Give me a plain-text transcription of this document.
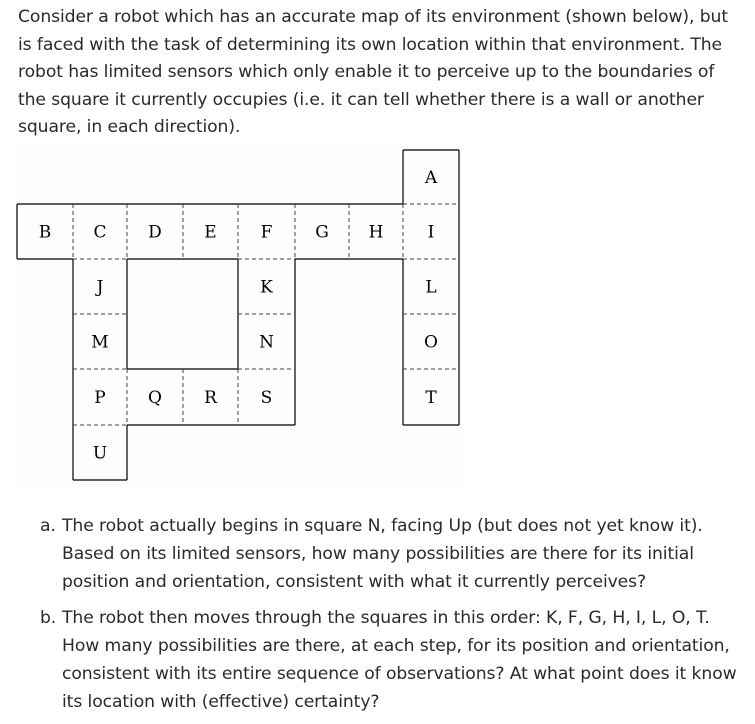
Consider a robot which has an accurate map of its environment (shown below), but is faced with the task of determining its own location within that environment. The robot has limited sensors which only enable it to perceive up to the boundaries of the square it currently occupies (i.e. it can tell whether there is a wall or another square, in each direction).

A
B C D E	F	G H	I
J	K	L
M	N	O
P Q R	S	T
U
a. The robot actually begins in square N, facing Up (but does not yet know it). Based on its limited sensors, how many possibilities are there for its initial position and orientation, consistent with what it currently perceives?
b. The robot then moves through the squares in this order: K, F, G, H, I, L, O, T. How many possibilities are there, at each step, for its position and orientation, consistent with its entire sequence of observations? At what point does it know its location with (effective) certainty?
